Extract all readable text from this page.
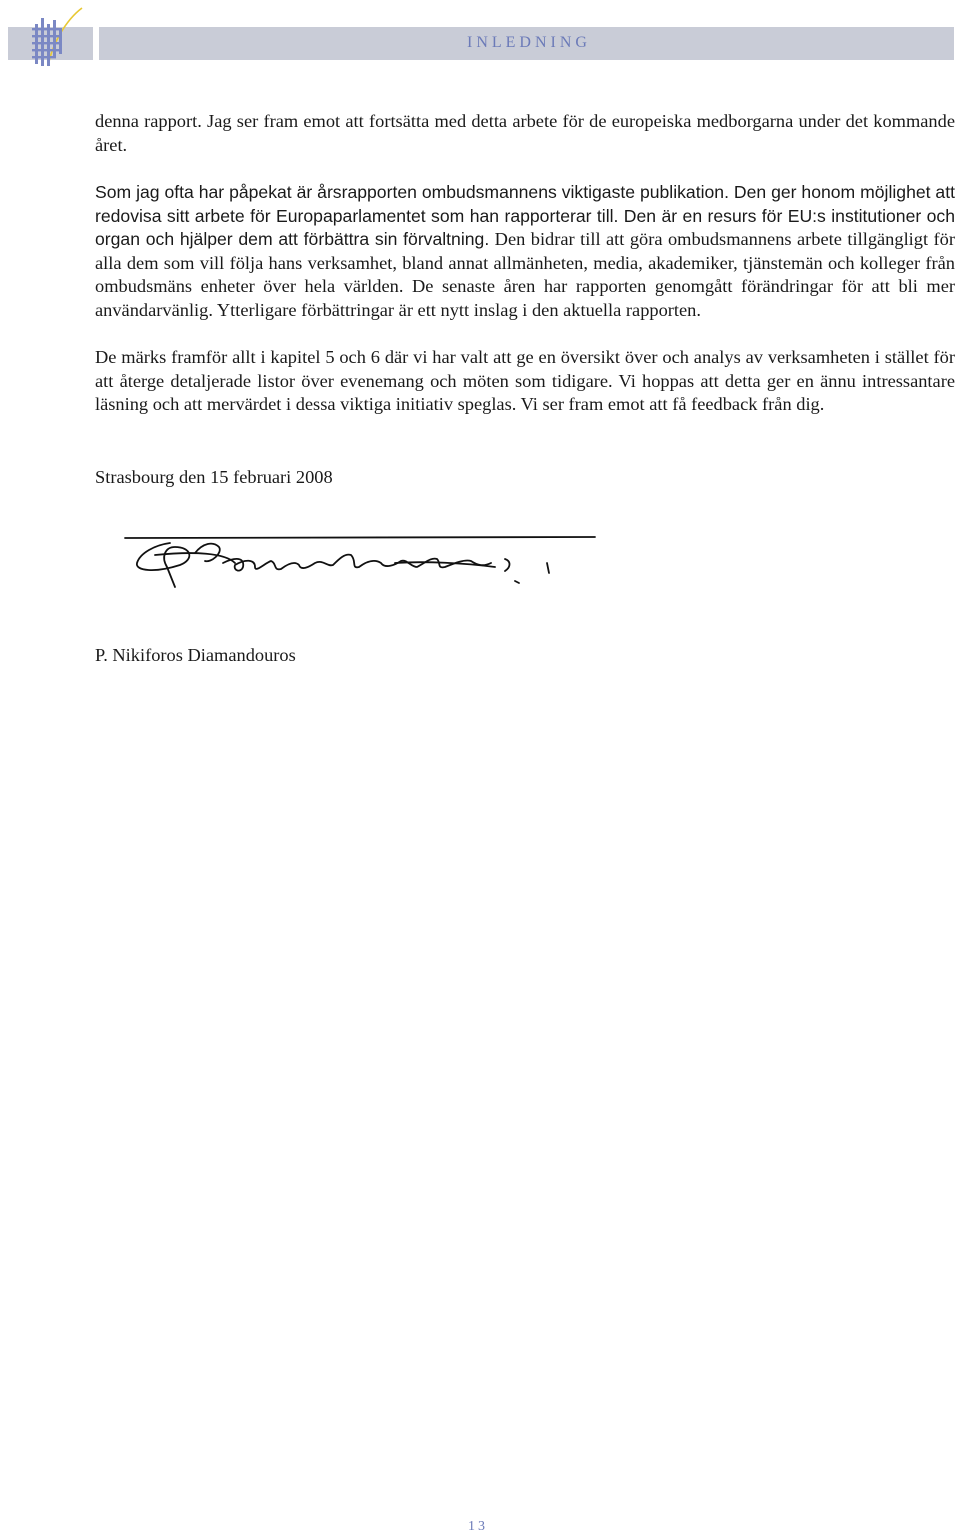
INLEDNING

denna rapport. Jag ser fram emot att fortsätta med detta arbete för de europeiska medborgarna under det kommande året.

Som jag ofta har påpekat är årsrapporten ombudsmannens viktigaste publikation. Den ger honom möjlighet att redovisa sitt arbete för Europaparlamentet som han rapporterar till. Den är en resurs för EU:s institutioner och organ och hjälper dem att förbättra sin förvaltning. Den bidrar till att göra ombudsmannens arbete tillgängligt för alla dem som vill följa hans verksamhet, bland annat allmänheten, media, akademiker, tjänstemän och kolleger från ombudsmäns enheter över hela världen. De senaste åren har rapporten genomgått förändringar för att bli mer användarvänlig. Ytterligare förbättringar är ett nytt inslag i den aktuella rapporten.

De märks framför allt i kapitel 5 och 6 där vi har valt att ge en översikt över och analys av verksamheten i stället för att återge detaljerade listor över evenemang och möten som tidigare. Vi hoppas att detta ger en ännu intressantare läsning och att mervärdet i dessa viktiga initiativ speglas. Vi ser fram emot att få feedback från dig.

Strasbourg den 15 februari 2008
P. Nikiforos Diamandouros
13
